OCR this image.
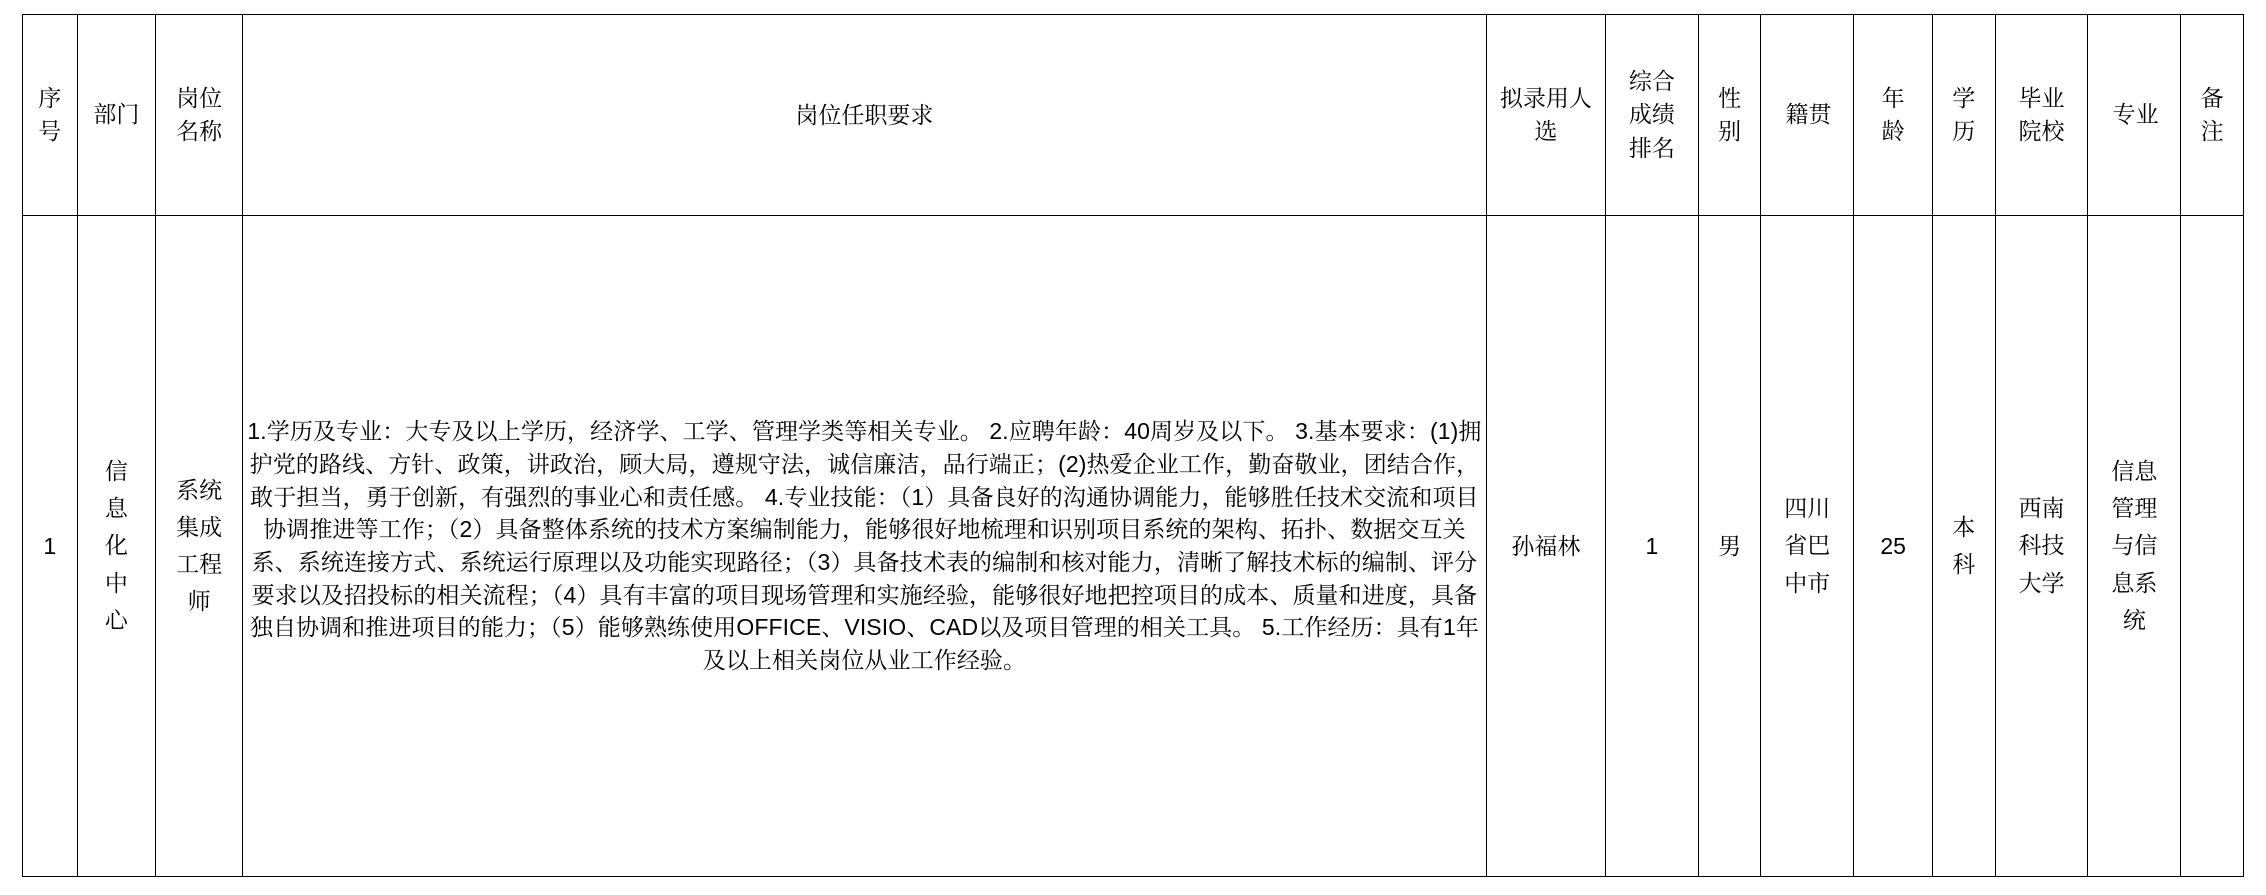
序号	部门	岗位名称	岗位任职要求	拟录用人选	综合成绩排名	性别	籍贯	年龄	学历	毕业院校	专业	备注

1	信息化中心	系统集成工程师	1.学历及专业：大专及以上学历，经济学、工学、管理学类等相关专业。 2.应聘年龄：40周岁及以下。 3.基本要求：(1)拥护党的路线、方针、政策，讲政治，顾大局，遵规守法，诚信廉洁，品行端正；(2)热爱企业工作，勤奋敬业，团结合作，敢于担当，勇于创新，有强烈的事业心和责任感。 4.专业技能：（1）具备良好的沟通协调能力，能够胜任技术交流和项目协调推进等工作；（2）具备整体系统的技术方案编制能力，能够很好地梳理和识别项目系统的架构、拓扑、数据交互关系、系统连接方式、系统运行原理以及功能实现路径；（3）具备技术表的编制和核对能力，清晰了解技术标的编制、评分要求以及招投标的相关流程；（4）具有丰富的项目现场管理和实施经验，能够很好地把控项目的成本、质量和进度，具备独自协调和推进项目的能力；（5）能够熟练使用OFFICE、VISIO、CAD以及项目管理的相关工具。 5.工作经历：具有1年及以上相关岗位从业工作经验。	孙福林	1	男	四川省巴中市	25	本科	西南科技大学	信息管理与信息系统	
